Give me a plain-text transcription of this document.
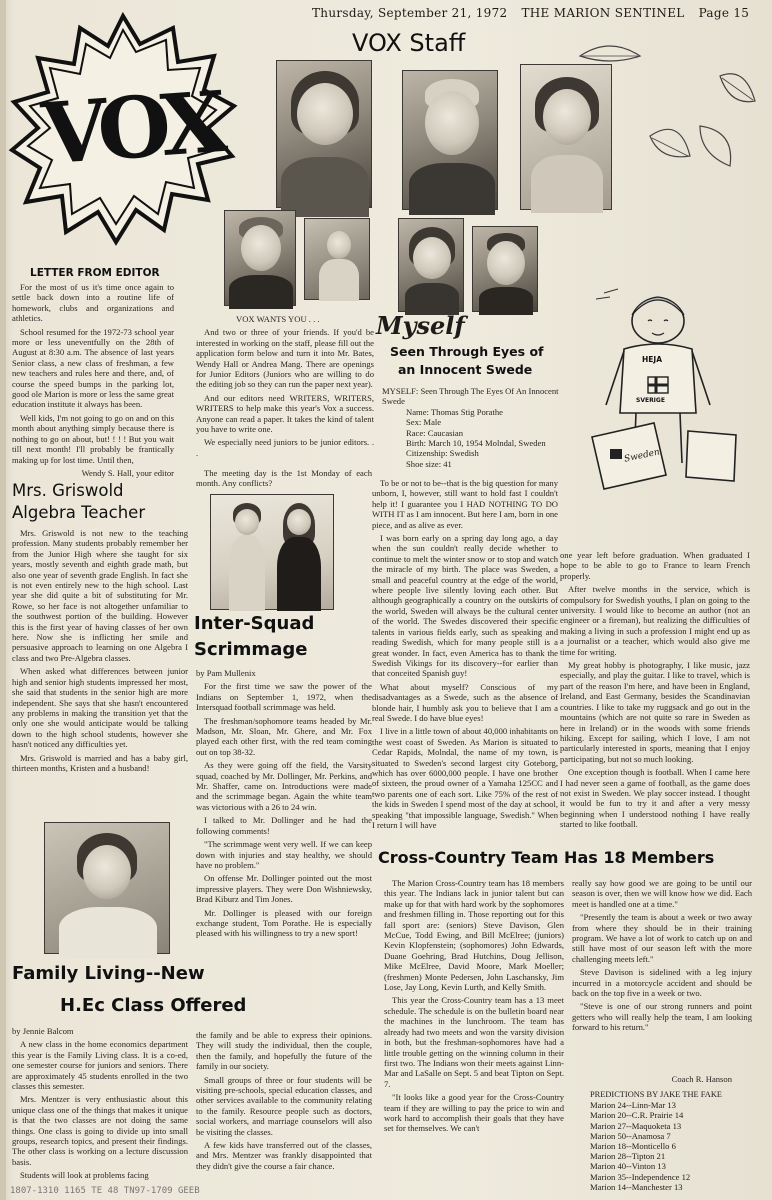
Thursday, September 21, 1972 THE MARION SENTINEL Page 15
VOX
VOX Staff
LETTER FROM EDITOR

For the most of us it's time once again to settle back down into a routine life of homework, clubs and organizations and athletics.

School resumed for the 1972-73 school year more or less uneventfully on the 28th of August at 8:30 a.m. The absence of last years Senior class, a new class of freshman, a few new teachers and rules here and there, and, of course the speed bumps in the parking lot, good ole Marion is more or less the same great education institute it always has been.

Well kids, I'm not going to go on and on this month about anything simply because there is nothing to go on about, but! ! ! ! But you wait till next month! I'll probably be frantically making up for lost time. Until then,

Wendy S. Hall, your editor

VOX WANTS YOU . . .

And two or three of your friends. If you'd be interested in working on the staff, please fill out the application form below and turn it into Mr. Bates, Wendy Hall or Andrea Mang. There are openings for Junior Editors (Juniors who are willing to do the editing job so they can run the paper next year).

And our editors need WRITERS, WRITERS, WRITERS to help make this year's Vox a success. Anyone can read a paper. It takes the kind of talent you have to write one.

We especially need juniors to be junior editors. . .

The meeting day is the 1st Monday of each month. Any conflicts?

Myself
Seen Through Eyes of
an Innocent Swede
MYSELF: Seen Through The Eyes Of An Innocent Swede
Name: Thomas Stig Porathe
Sex: Male
Race: Caucasian
Birth: March 10, 1954 Molndal, Sweden
Citizenship: Swedish
Shoe size: 41

To be or not to be--that is the big question for many unborn, I, however, still want to hold fast I couldn't help it! I guarantee you I HAD NOTHING TO DO WITH IT as I am innocent. But here I am, born in one piece, and as alive as ever.

I was born early on a spring day long ago, a day when the sun couldn't really decide whether to continue to melt the winter snow or to stop and watch the miracle of my birth. The place was Sweden, a small and peaceful country at the edge of the world, where people live silently loving each other. But although geographically a country on the outskirts of the world, Sweden will always be the cultural center of the world. The Swedes discovered their specific talents in various fields early, such as speaking and reading Swedish, which for many people still is a great wonder. In fact, even America has to thank the Swedish Vikings for its discovery--for earlier than that conceited Spanish guy!

What about myself? Conscious of my disadvantages as a Swede, such as the absence of blonde hair, I humbly ask you to believe that I am a real Swede. I do have blue eyes!

I live in a little town of about 40,000 inhabitants on the west coast of Sweden. As Marion is situated to Cedar Rapids, Molndal, the name of my town, is situated to Sweden's second largest city Goteborg, which has over 6000,000 people. I have one brother of sixteen, the proud owner of a Yamaha 125CC and two parents one of each sort. Like 75% of the rest of the kids in Sweden I spend most of the day at school, speaking "that impossible language, Swedish." When I return I will have

one year left before graduation. When graduated I hope to be able to go to France to learn French properly.

After twelve months in the service, which is compulsory for Swedish youths, I plan on going to the university. I would like to become an author (not an engineer or a fireman), but realizing the difficulties of making a living in such a profession I might end up as a journalist or a teacher, which would also give me time for writing.

My great hobby is photography, I like music, jazz especially, and play the guitar. I like to travel, which is part of the reason I'm here, and have been in England, Ireland, and East Germany, besides the Scandinavian countries. I like to take my ruggsack and go out in the mountains (which are not quite so rare in Sweden as here in Ireland) or in the woods with some friends hiking. Except for sailing, which I love, I am not particularly interested in sports, meaning that I enjoy participating, but not so much looking.

One exception though is football. When I came here I had never seen a game of football, as the game does not exist in Sweden. We play soccer instead. I thought it would be fun to try it and after a very messy beginning when I understood nothing I have really started to like football.

HEJA
SVERIGE
Sweden
Mrs. Griswold
Algebra Teacher

Mrs. Griswold is not new to the teaching profession. Many students probably remember her from the Junior High where she taught for six years, mostly seventh and eighth grade math, but also one year of seventh grade English. In fact she is not even entirely new to the high school. Last year she did quite a bit of substituting for Mr. Rowe, so her face is not altogether unfamiliar to the southwest portion of the building. However this is the first year of having classes of her own here. Now she is inflicting her smile and persuasive approach to learning on one Algebra I class and two Pre-Algebra classes.

When asked what differences between junior high and senior high students impressed her most, she said that students in the senior high are more independent. She says that she hasn't encountered any problems in making the transition yet that the only one she would anticipate would be talking down to the high school students, however she hasn't noticed any difficulties yet.

Mrs. Griswold is married and has a baby girl, thirteen months, Kristen and a husband!

Inter-Squad
Scrimmage

by Pam Mullenix

For the first time we saw the power of the Indians on September 1, 1972, when the Intersquad football scrimmage was held.

The freshman/sophomore teams headed by Mr. Madson, Mr. Sloan, Mr. Ghere, and Mr. Fox played each other first, with the red team coming out on top 38-32.

As they were going off the field, the Varsity squad, coached by Mr. Dollinger, Mr. Perkins, and Mr. Shaffer, came on. Introductions were made and the scrimmage began. Again the white team was victorious with a 26 to 24 win.

I talked to Mr. Dollinger and he had the following comments!

"The scrimmage went very well. If we can keep down with injuries and stay healthy, we should have no problem."

On offense Mr. Dollinger pointed out the most impressive players. They were Don Wishniewsky, Brad Kiburz and Tim Jones.

Mr. Dollinger is pleased with our foreign exchange student, Tom Porathe. He is especially pleased with his willingness to try a new sport!

Cross-Country Team Has 18 Members

The Marion Cross-Country team has 18 members this year. The Indians lack in junior talent but can make up for that with hard work by the sophomores and freshmen filling in. Those reporting out for this fall sport are: (seniors) Steve Davison, Glen McCue, Todd Ewing, and Bill McElree; (juniors) Kevin Klopfenstein; (sophomores) John Edwards, Duane Goehring, Brad Hutchins, Doug Jellison, Mike McElree, David Moore, Mark Moeller; (freshmen) Monte Pedersen, John Laschansky, Jim Lose, Jay Long, Kevin Lurth, and Kelly Smith.

This year the Cross-Country team has a 13 meet schedule. The schedule is on the bulletin board near the machines in the lunchroom. The team has already had two meets and won the varsity division in both, but the freshman-sophomores have had a little trouble getting on the winning column in their first two. The Indians won their meets against Linn-Mar and LaSalle on Sept. 5 and beat Tipton on Sept. 7.

"It looks like a good year for the Cross-Country team if they are willing to pay the price to win and work hard to accomplish their goals that they have set for themselves. We can't

really say how good we are going to be until our season is over, then we will know how we did. Each meet is handled one at a time."

"Presently the team is about a week or two away from where they should be in their training program. We have a lot of work to catch up on and still have most of our season left with the more challenging meets left."

Steve Davison is sidelined with a leg injury incurred in a motorcycle accident and should be back on the top five in a week or two.

"Steve is one of our strong runners and point getters who will really help the team, I am looking forward to his return."

Coach R. Hanson
PREDICTIONS BY JAKE THE FAKE
Marion 24--Linn-Mar 13
Marion 20--C.R. Prairie 14
Marion 27--Maquoketa 13
Marion 50--Anamosa 7
Marion 18--Monticello 6
Marion 28--Tipton 21
Marion 40--Vinton 13
Marion 35--Independence 12
Marion 14--Manchester 13
Family Living--New
H.Ec Class Offered

by Jennie Balcom

A new class in the home economics department this year is the Family Living class. It is a co-ed, one semester course for juniors and seniors. There are approximately 45 students enrolled in the two classes this semester.

Mrs. Mentzer is very enthusiastic about this unique class one of the things that makes it unique is that the two classes are not doing the same things. One class is going to divide up into small groups, research topics, and present their findings. The other class is working on a lecture discussion basis.

Students will look at problems facing

the family and be able to express their opinions. They will study the individual, then the couple, then the family, and hopefully the future of the family in our society.

Small groups of three or four students will be visiting pre-schools, special education classes, and other services available to the community relating to the family. Resource people such as doctors, social workers, and marriage counselors will also be visiting the classes.

A few kids have transferred out of the classes, and Mrs. Mentzer was frankly disappointed that they didn't give the course a fair chance.

1807-1310 1165 TE 48 TN97-1709 GEEB
